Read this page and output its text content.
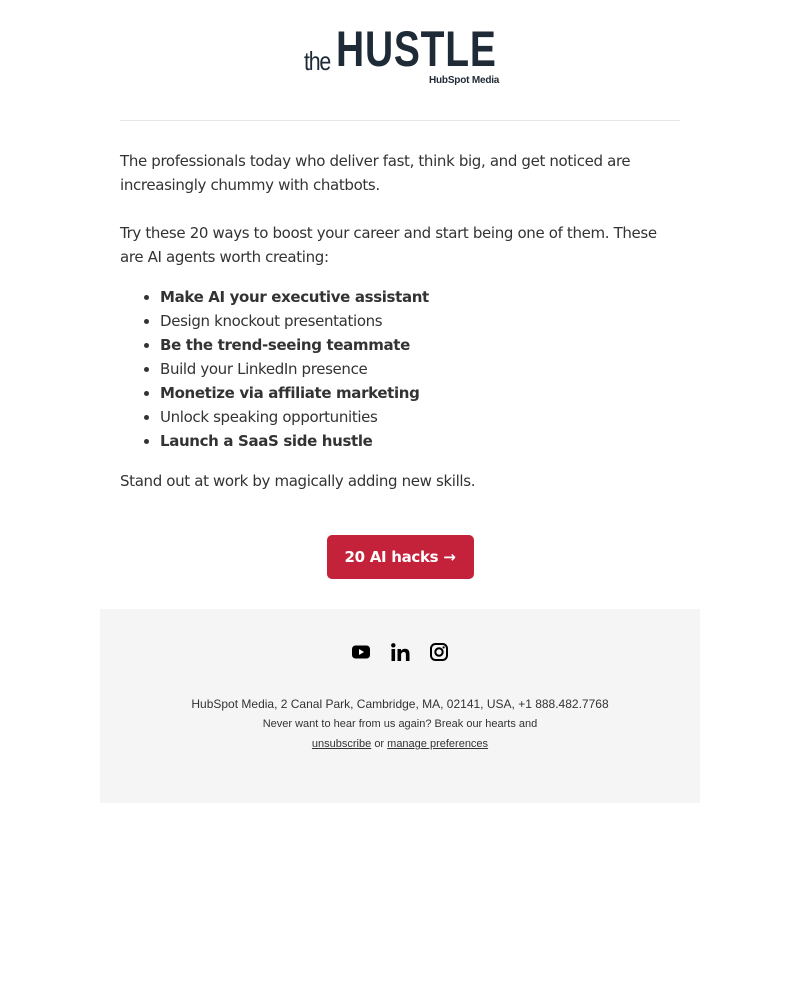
the HUSTLE
HubSpot Media

The professionals today who deliver fast, think big, and get noticed are increasingly chummy with chatbots.

Try these 20 ways to boost your career and start being one of them. These are AI agents worth creating:

• Make AI your executive assistant
• Design knockout presentations
• Be the trend-seeing teammate
• Build your LinkedIn presence
• Monetize via affiliate marketing
• Unlock speaking opportunities
• Launch a SaaS side hustle

Stand out at work by magically adding new skills.

20 AI hacks →
HubSpot Media, 2 Canal Park, Cambridge, MA, 02141, USA, +1 888.482.7768
Never want to hear from us again? Break our hearts and
unsubscribe or manage preferences
